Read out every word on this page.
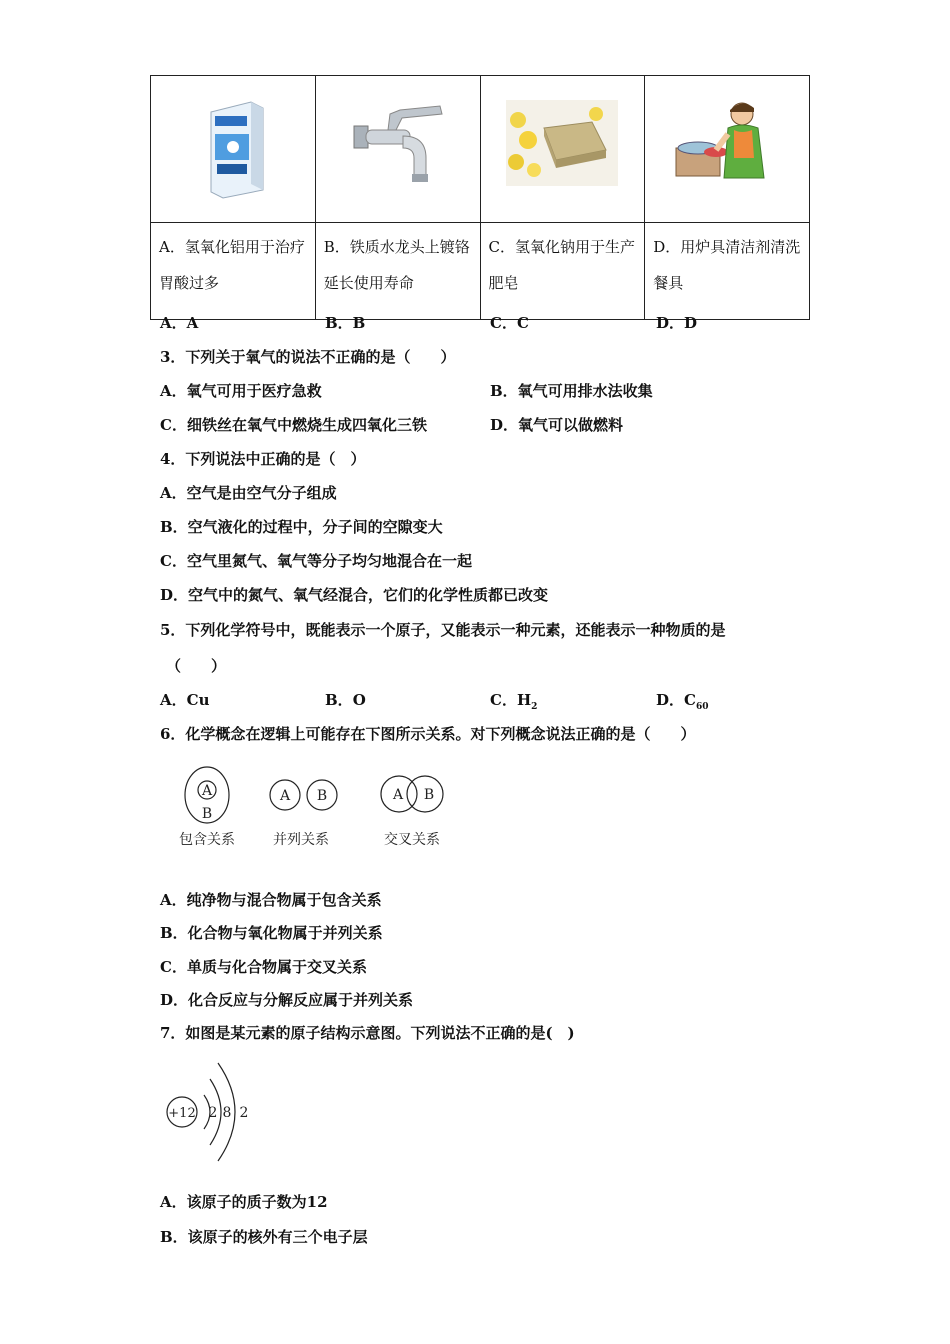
A．氢氧化铝用于治疗胃酸过多	B．铁质水龙头上镀铬延长使用寿命	C．氢氧化钠用于生产肥皂	D．用炉具清洁剂清洗餐具
A．A	B．B	C．C	D．D
3．下列关于氧气的说法不正确的是（　　）
A．氧气可用于医疗急救	B．氧气可用排水法收集
C．细铁丝在氧气中燃烧生成四氧化三铁	D．氧气可以做燃料
4．下列说法中正确的是（　）
A．空气是由空气分子组成
B．空气液化的过程中，分子间的空隙变大
C．空气里氮气、氧气等分子均匀地混合在一起
D．空气中的氮气、氧气经混合，它们的化学性质都已改变
5．下列化学符号中，既能表示一个原子，又能表示一种元素，还能表示一种物质的是
（　　）
A．Cu	B．O	C．$H_2$	D．$C_{60}$
6．化学概念在逻辑上可能存在下图所示关系。对下列概念说法正确的是（　　）
A
B
包含关系
A B
并列关系
A B
交叉关系
A．纯净物与混合物属于包含关系
B．化合物与氧化物属于并列关系
C．单质与化合物属于交叉关系
D．化合反应与分解反应属于并列关系
7．如图是某元素的原子结构示意图。下列说法不正确的是(　)
+12 2 8 2
A．该原子的质子数为12
B．该原子的核外有三个电子层
